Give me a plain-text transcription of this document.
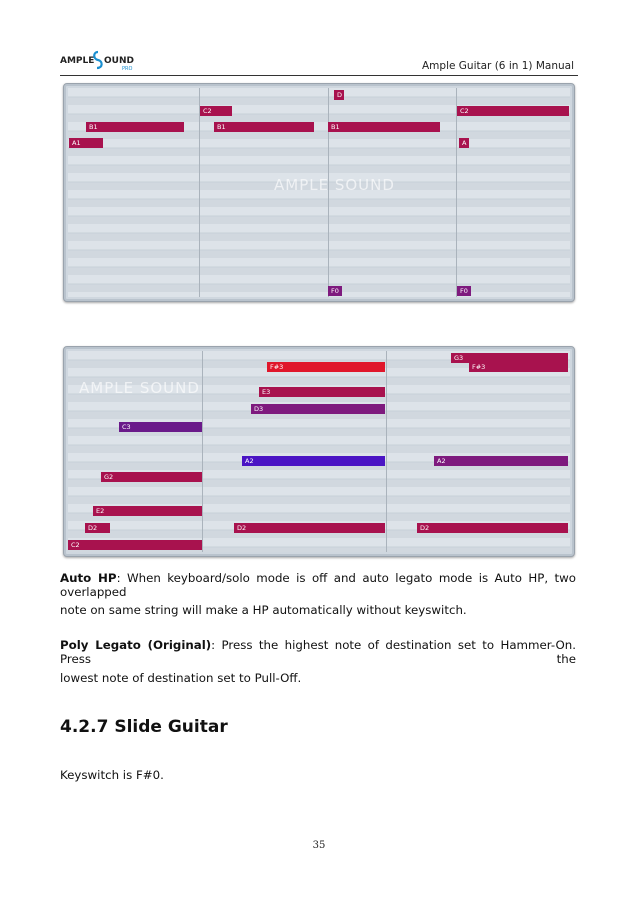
AMPLE OUND
PRO	Ample Guitar (6 in 1) Manual
AMPLE SOUND
D
C2	C2
B1	B1	B1
A1	A
F0	F0
AMPLE SOUND
G3
F#3	F#3
E3
D3
C3
A2	A2
G2
E2
D2	D2	D2
C2
Auto HP: When keyboard/solo mode is off and auto legato mode is Auto HP, two overlapped
note on same string will make a HP automatically without keyswitch.
Poly Legato (Original): Press the highest note of destination set to Hammer-On. Press the
lowest note of destination set to Pull-Off.
4.2.7 Slide Guitar
Keyswitch is F#0.
35
